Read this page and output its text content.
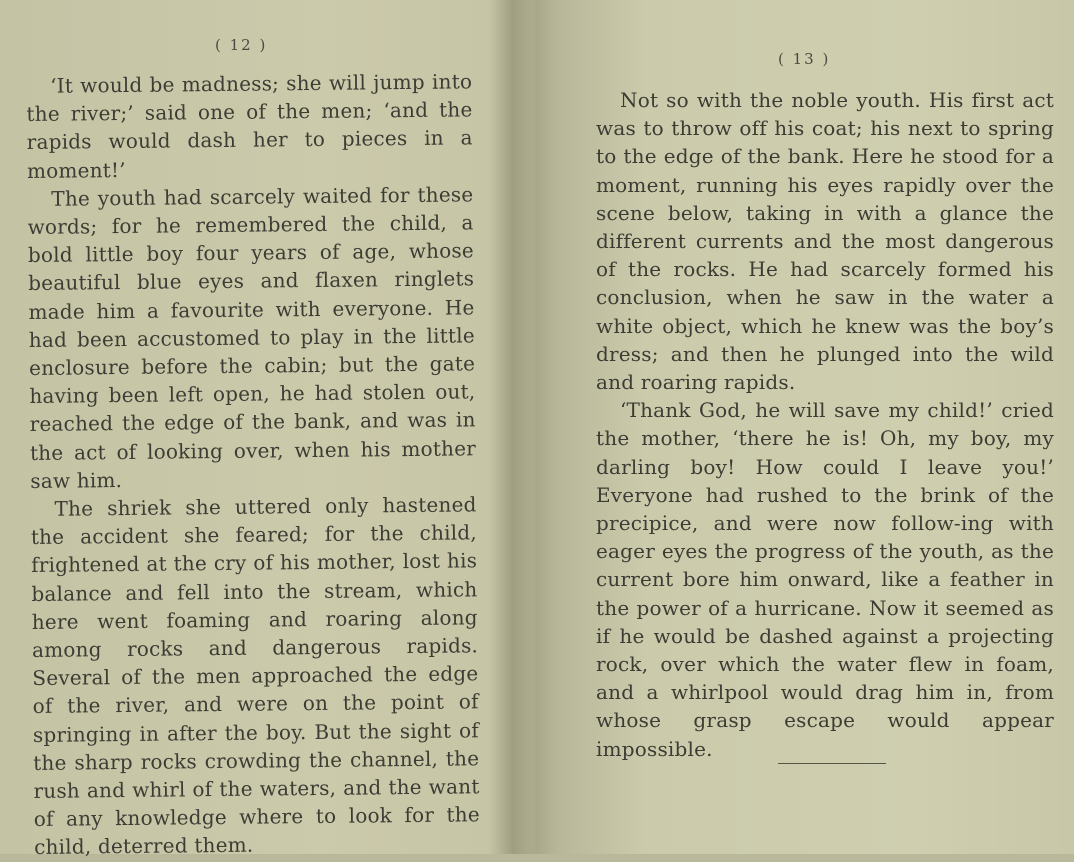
( 12 )

‘It would be madness; she will jump into the river;’ said one of the men; ‘and the rapids would dash her to pieces in a moment!’

The youth had scarcely waited for these words; for he remembered the child, a bold little boy four years of age, whose beautiful blue eyes and flaxen ringlets made him a favourite with everyone. He had been accustomed to play in the little enclosure before the cabin; but the gate having been left open, he had stolen out, reached the edge of the bank, and was in the act of looking over, when his mother saw him.

The shriek she uttered only hastened the accident she feared; for the child, frightened at the cry of his mother, lost his balance and fell into the stream, which here went foaming and roaring along among rocks and dangerous rapids. Several of the men approached the edge of the river, and were on the point of springing in after the boy. But the sight of the sharp rocks crowding the channel, the rush and whirl of the waters, and the want of any knowledge where to look for the child, deterred them.

( 13 )

Not so with the noble youth. His first act was to throw off his coat; his next to spring to the edge of the bank. Here he stood for a moment, running his eyes rapidly over the scene below, taking in with a glance the different currents and the most dangerous of the rocks. He had scarcely formed his conclusion, when he saw in the water a white object, which he knew was the boy’s dress; and then he plunged into the wild and roaring rapids.

‘Thank God, he will save my child!’ cried the mother, ‘there he is! Oh, my boy, my darling boy! How could I leave you!’ Everyone had rushed to the brink of the precipice, and were now follow-ing with eager eyes the progress of the youth, as the current bore him onward, like a feather in the power of a hurricane. Now it seemed as if he would be dashed against a projecting rock, over which the water flew in foam, and a whirlpool would drag him in, from whose grasp escape would appear impossible.
